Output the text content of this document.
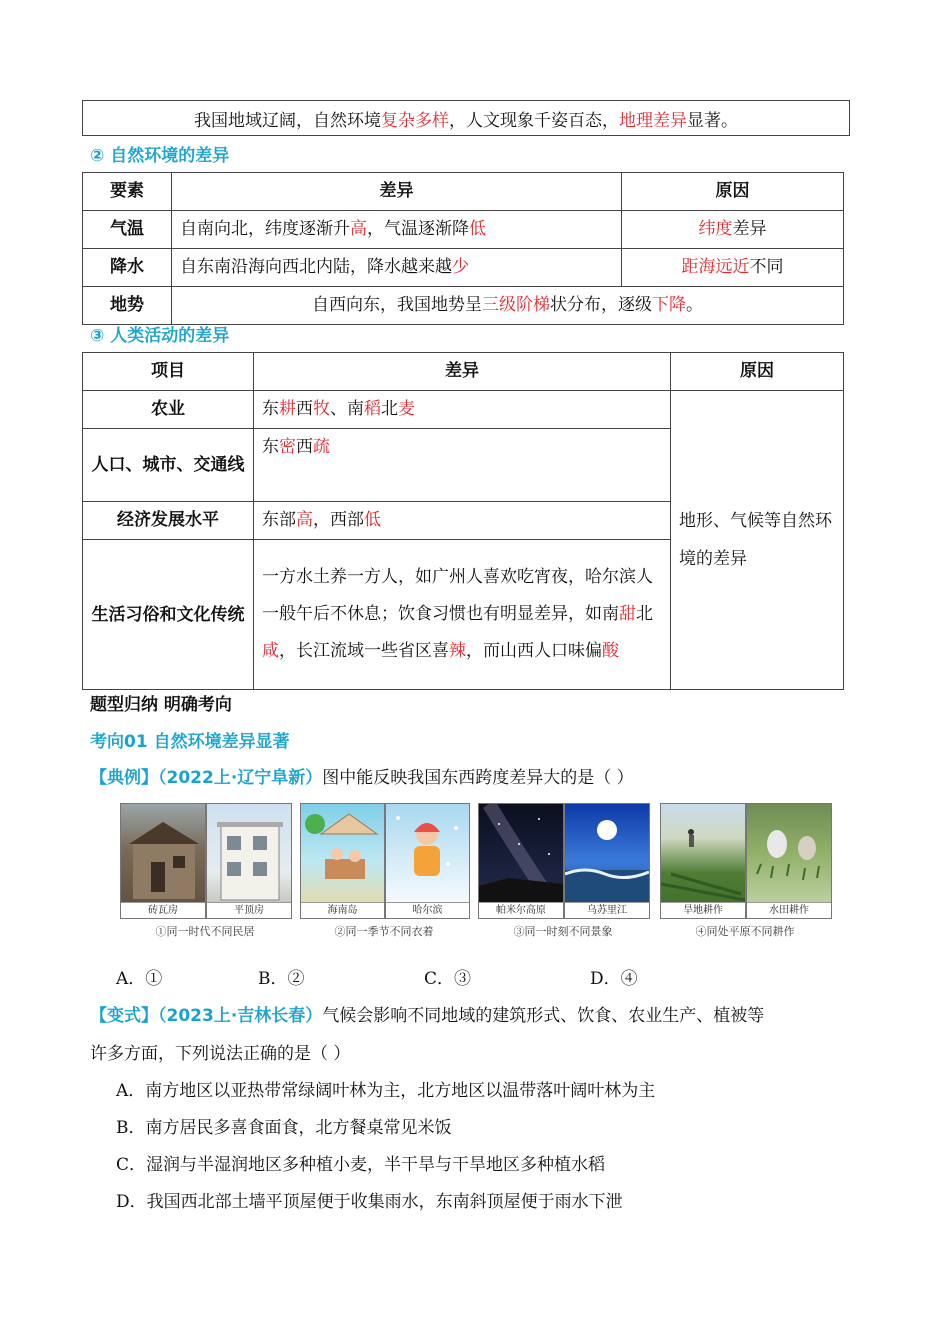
我国地域辽阔，自然环境复杂多样，人文现象千姿百态，地理差异显著。
② 自然环境的差异
要素	差异	原因
气温	自南向北，纬度逐渐升高，气温逐渐降低	纬度差异
降水	自东南沿海向西北内陆，降水越来越少	距海远近不同
地势	自西向东，我国地势呈三级阶梯状分布，逐级下降。	
③ 人类活动的差异
项目	差异	原因
农业	东耕西牧、南稻北麦	地形、气候等自然环境的差异

人口、城市、交通线	东密西疏	
经济发展水平	东部高，西部低	
生活习俗和文化传统	一方水土养一方人，如广州人喜欢吃宵夜，哈尔滨人一般午后不休息；饮食习惯也有明显差异，如南甜北咸，长江流域一些省区喜辣，而山西人口味偏酸	
题型归纳 明确考向
考向01 自然环境差异显著
【典例】（2022上·辽宁阜新）图中能反映我国东西跨度差异大的是（ ）
砖瓦房	平顶房
①同一时代不同民居
海南岛	哈尔滨
②同一季节不同衣着
帕米尔高原	乌苏里江
③同一时刻不同景象
旱地耕作	水田耕作
④同处平原不同耕作
A．①	B．②	C．③	D．④
【变式】（2023上·吉林长春）气候会影响不同地域的建筑形式、饮食、农业生产、植被等
许多方面，下列说法正确的是（ ）
A．南方地区以亚热带常绿阔叶林为主，北方地区以温带落叶阔叶林为主
B．南方居民多喜食面食，北方餐桌常见米饭
C．湿润与半湿润地区多种植小麦，半干旱与干旱地区多种植水稻
D．我国西北部土墙平顶屋便于收集雨水，东南斜顶屋便于雨水下泄
